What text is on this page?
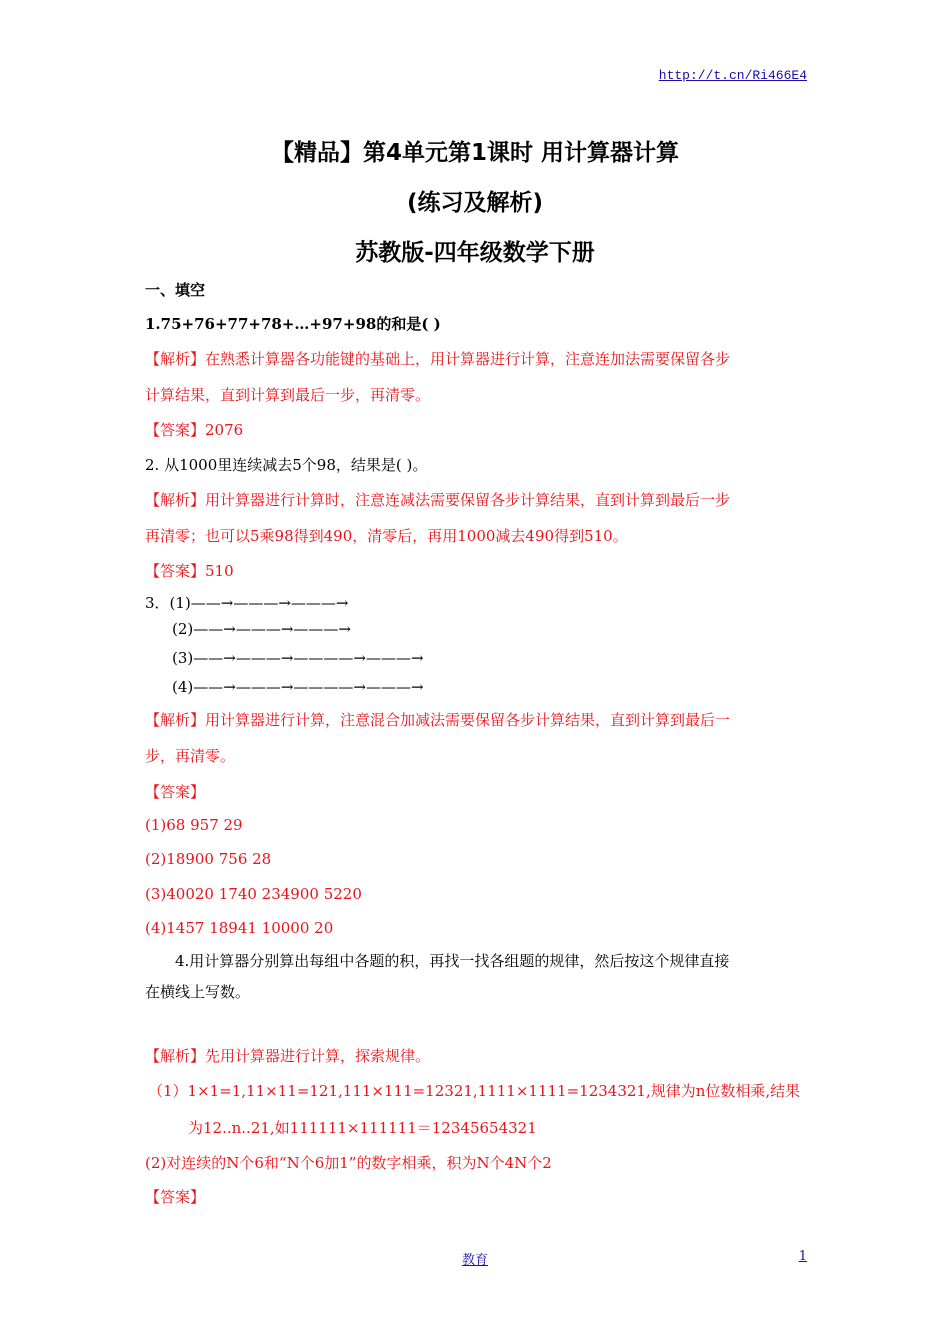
http://t.cn/Ri466E4
【精品】第4单元第1课时 用计算器计算
(练习及解析)
苏教版-四年级数学下册
一、填空
1.75+76+77+78+…+97+98的和是( )
【解析】在熟悉计算器各功能键的基础上，用计算器进行计算，注意连加法需要保留各步
计算结果，直到计算到最后一步，再清零。
【答案】2076
2. 从1000里连续减去5个98，结果是( )。
【解析】用计算器进行计算时，注意连减法需要保留各步计算结果，直到计算到最后一步
再清零；也可以5乘98得到490，清零后，再用1000减去490得到510。
【答案】510
3．(1)——→———→———→
(2)——→———→———→
(3)——→———→————→———→
(4)——→———→————→———→
【解析】用计算器进行计算，注意混合加减法需要保留各步计算结果，直到计算到最后一
步，再清零。
【答案】
(1)68 957 29
(2)18900 756 28
(3)40020 1740 234900 5220
(4)1457 18941 10000 20
4.用计算器分别算出每组中各题的积，再找一找各组题的规律，然后按这个规律直接
在横线上写数。
【解析】先用计算器进行计算，探索规律。
（1）1×1=1,11×11=121,111×111=12321,1111×1111=1234321,规律为n位数相乘,结果
为12..n..21,如111111×111111＝12345654321
(2)对连续的N个6和“N个6加1”的数字相乘，积为N个4N个2
【答案】
教育	1
